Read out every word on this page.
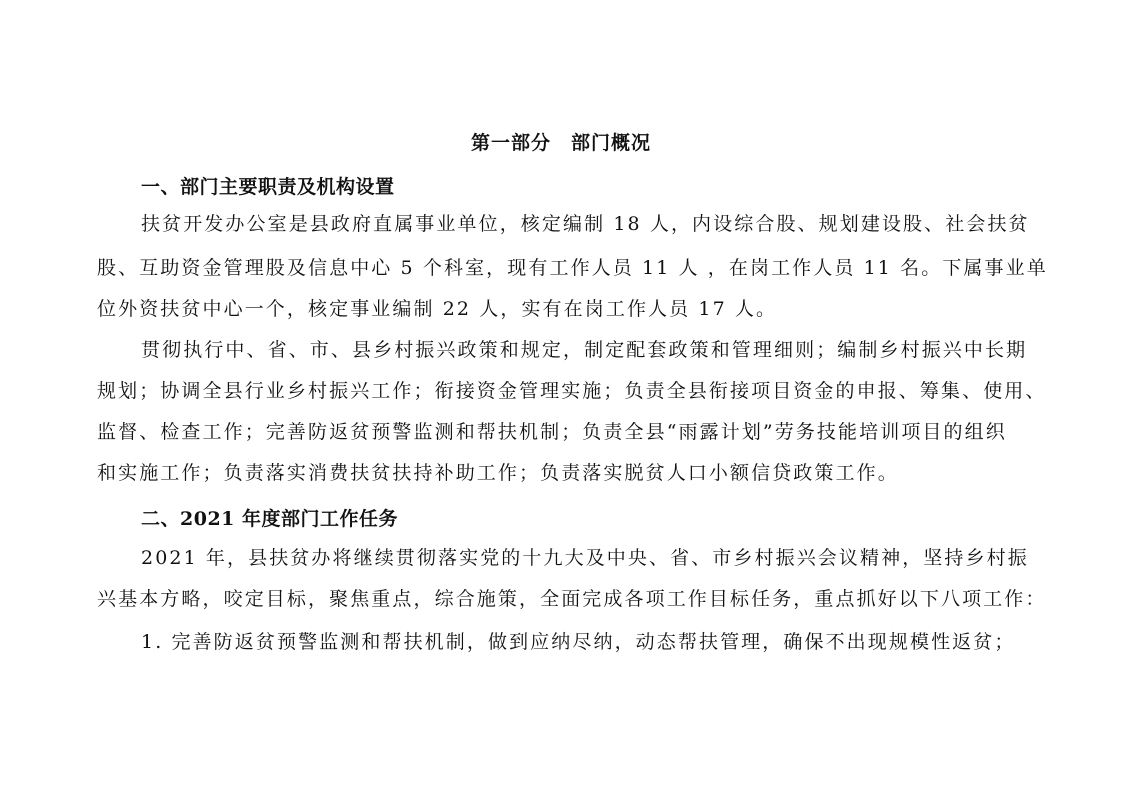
第一部分　部门概况
一、部门主要职责及机构设置
扶贫开发办公室是县政府直属事业单位，核定编制 18 人，内设综合股、规划建设股、社会扶贫
股、互助资金管理股及信息中心 5 个科室，现有工作人员 11 人 ，在岗工作人员 11 名。下属事业单
位外资扶贫中心一个，核定事业编制 22 人，实有在岗工作人员 17 人。
贯彻执行中、省、市、县乡村振兴政策和规定，制定配套政策和管理细则；编制乡村振兴中长期
规划；协调全县行业乡村振兴工作；衔接资金管理实施；负责全县衔接项目资金的申报、筹集、使用、
监督、检查工作；完善防返贫预警监测和帮扶机制；负责全县“雨露计划”劳务技能培训项目的组织
和实施工作；负责落实消费扶贫扶持补助工作；负责落实脱贫人口小额信贷政策工作。
二、2021 年度部门工作任务
2021 年，县扶贫办将继续贯彻落实党的十九大及中央、省、市乡村振兴会议精神，坚持乡村振
兴基本方略，咬定目标，聚焦重点，综合施策，全面完成各项工作目标任务，重点抓好以下八项工作：
1. 完善防返贫预警监测和帮扶机制，做到应纳尽纳，动态帮扶管理，确保不出现规模性返贫；
